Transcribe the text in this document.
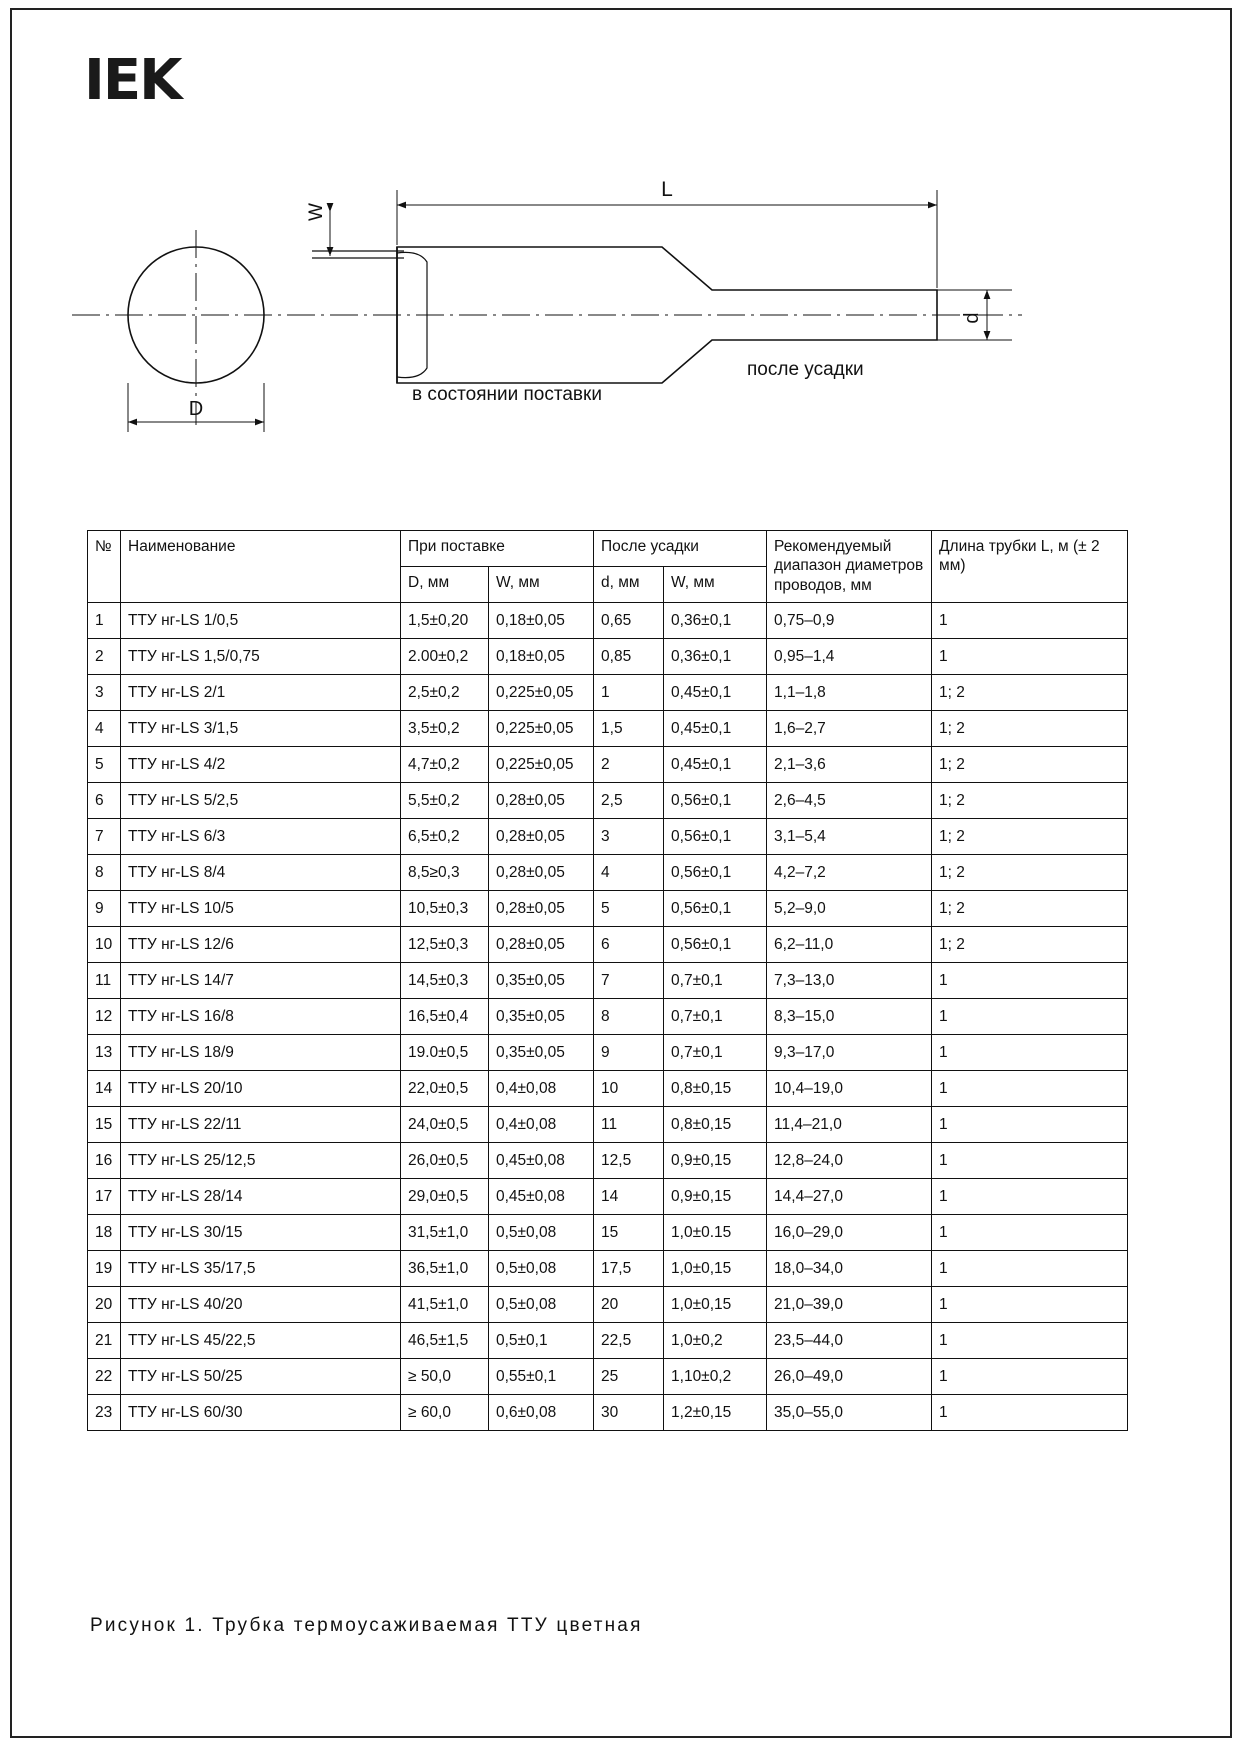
IEK
D
L
W
d
в состоянии поставки
после усадки
№	Наименование	При поставке		После усадки		Рекомендуемый диапазон диаметров проводов, мм	Длина трубки L, м (± 2 мм)
		D, мм	W, мм	d, мм	W, мм		
1	ТТУ нг-LS 1/0,5	1,5±0,20	0,18±0,05	0,65	0,36±0,1	0,75–0,9	1
2	ТТУ нг-LS 1,5/0,75	2.00±0,2	0,18±0,05	0,85	0,36±0,1	0,95–1,4	1
3	ТТУ нг-LS 2/1	2,5±0,2	0,225±0,05	1	0,45±0,1	1,1–1,8	1; 2
4	ТТУ нг-LS 3/1,5	3,5±0,2	0,225±0,05	1,5	0,45±0,1	1,6–2,7	1; 2
5	ТТУ нг-LS 4/2	4,7±0,2	0,225±0,05	2	0,45±0,1	2,1–3,6	1; 2
6	ТТУ нг-LS 5/2,5	5,5±0,2	0,28±0,05	2,5	0,56±0,1	2,6–4,5	1; 2
7	ТТУ нг-LS 6/3	6,5±0,2	0,28±0,05	3	0,56±0,1	3,1–5,4	1; 2
8	ТТУ нг-LS 8/4	8,5≥0,3	0,28±0,05	4	0,56±0,1	4,2–7,2	1; 2
9	ТТУ нг-LS 10/5	10,5±0,3	0,28±0,05	5	0,56±0,1	5,2–9,0	1; 2
10	ТТУ нг-LS 12/6	12,5±0,3	0,28±0,05	6	0,56±0,1	6,2–11,0	1; 2
11	ТТУ нг-LS 14/7	14,5±0,3	0,35±0,05	7	0,7±0,1	7,3–13,0	1
12	ТТУ нг-LS 16/8	16,5±0,4	0,35±0,05	8	0,7±0,1	8,3–15,0	1
13	ТТУ нг-LS 18/9	19.0±0,5	0,35±0,05	9	0,7±0,1	9,3–17,0	1
14	ТТУ нг-LS 20/10	22,0±0,5	0,4±0,08	10	0,8±0,15	10,4–19,0	1
15	ТТУ нг-LS 22/11	24,0±0,5	0,4±0,08	11	0,8±0,15	11,4–21,0	1
16	ТТУ нг-LS 25/12,5	26,0±0,5	0,45±0,08	12,5	0,9±0,15	12,8–24,0	1
17	ТТУ нг-LS 28/14	29,0±0,5	0,45±0,08	14	0,9±0,15	14,4–27,0	1
18	ТТУ нг-LS 30/15	31,5±1,0	0,5±0,08	15	1,0±0.15	16,0–29,0	1
19	ТТУ нг-LS 35/17,5	36,5±1,0	0,5±0,08	17,5	1,0±0,15	18,0–34,0	1
20	ТТУ нг-LS 40/20	41,5±1,0	0,5±0,08	20	1,0±0,15	21,0–39,0	1
21	ТТУ нг-LS 45/22,5	46,5±1,5	0,5±0,1	22,5	1,0±0,2	23,5–44,0	1
22	ТТУ нг-LS 50/25	≥ 50,0	0,55±0,1	25	1,10±0,2	26,0–49,0	1
23	ТТУ нг-LS 60/30	≥ 60,0	0,6±0,08	30	1,2±0,15	35,0–55,0	1
Рисунок 1. Трубка термоусаживаемая ТТУ цветная
